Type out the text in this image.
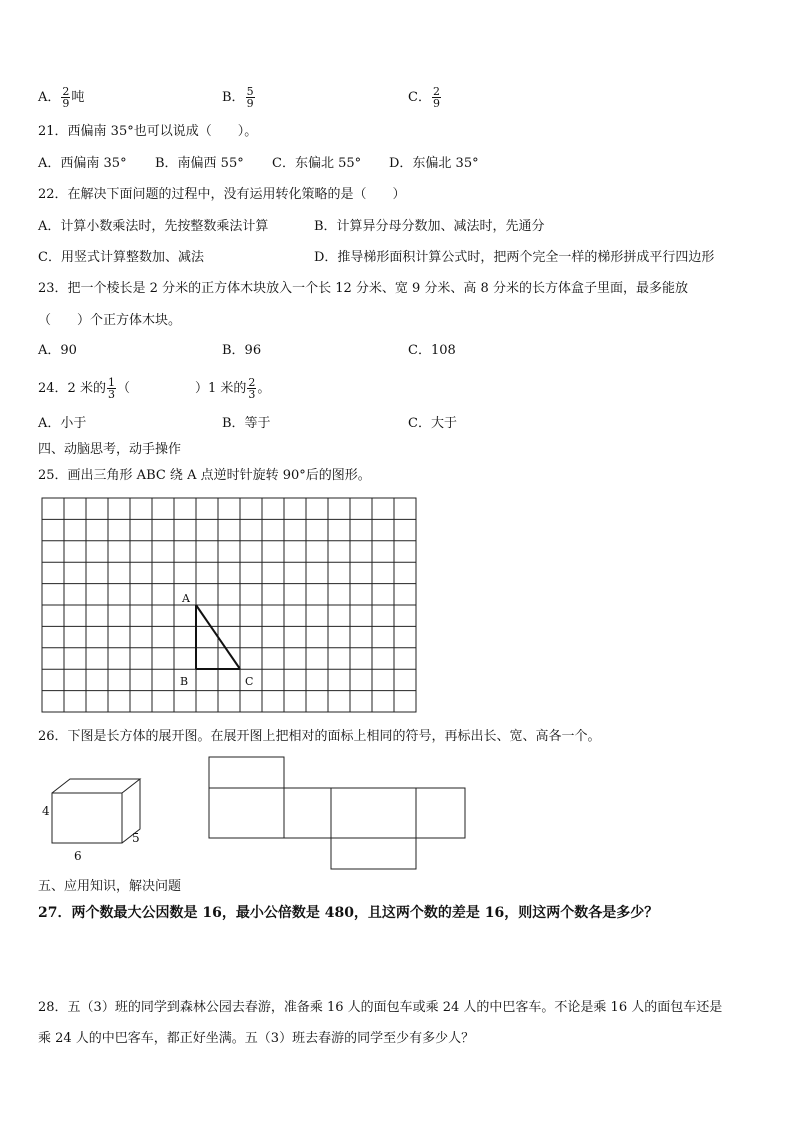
A． $\frac{2}{9}$ 吨	B． $\frac{5}{9}$	C． $\frac{2}{9}$
21．西偏南 35°也可以说成（　　）。
A．西偏南 35° B．南偏西 55° C．东偏北 55° D．东偏北 35°
22．在解决下面问题的过程中，没有运用转化策略的是（　　）
A．计算小数乘法时，先按整数乘法计算	B．计算异分母分数加、减法时，先通分
C．用竖式计算整数加、减法	D．推导梯形面积计算公式时，把两个完全一样的梯形拼成平行四边形
23．把一个棱长是 2 分米的正方体木块放入一个长 12 分米、宽 9 分米、高 8 分米的长方体盒子里面，最多能放
（　　）个正方体木块。
A．90	B．96	C．108
24．2 米的 $\frac{1}{3}$ （　　　　　）1 米的 $\frac{2}{3}$ 。
A．小于	B．等于	C．大于
四、动脑思考，动手操作
25．画出三角形 ABC 绕 A 点逆时针旋转 90°后的图形。
A
B	C
26．下图是长方体的展开图。在展开图上把相对的面标上相同的符号，再标出长、宽、高各一个。
4
5
6
五、应用知识，解决问题
27．两个数最大公因数是 16，最小公倍数是 480，且这两个数的差是 16，则这两个数各是多少？
28．五（3）班的同学到森林公园去春游，准备乘 16 人的面包车或乘 24 人的中巴客车。不论是乘 16 人的面包车还是
乘 24 人的中巴客车，都正好坐满。五（3）班去春游的同学至少有多少人？
